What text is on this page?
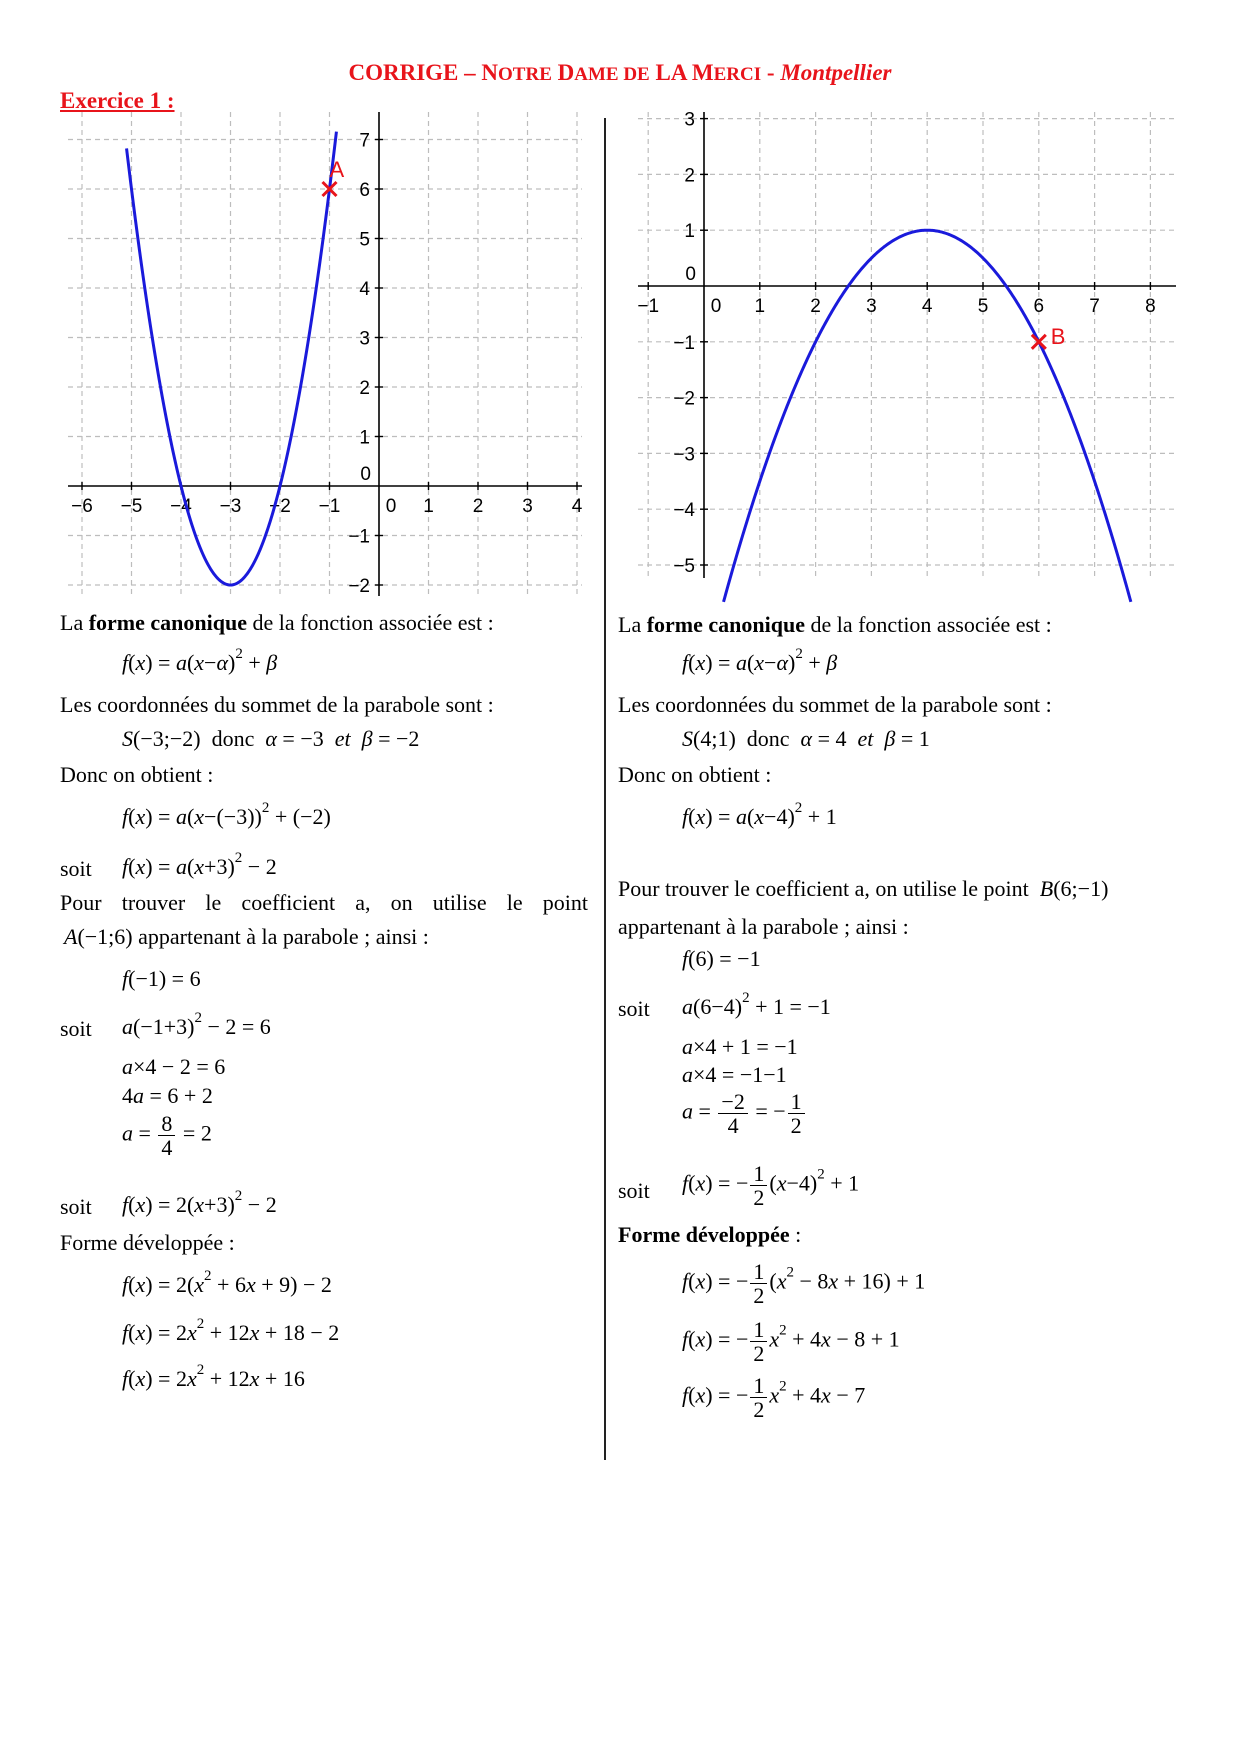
CORRIGE – NOTRE DAME DE LA MERCI - Montpellier
Exercice 1 :
−6 −5 −4 −3 −2 −1 0 1 2 3 4
−2
−1
1
2
3
4
5
6
7
0
A
−1	0 1 2 3 4 5 6 7 8
−5
−4
−3
−2
−1
1
2
3
0
B
La forme canonique de la fonction associée est :
$f(x) = a(x-\alpha)^2 + \beta$
Les coordonnées du sommet de la parabole sont :
S(−3;−2)  donc  α = −3  et β = −2
Donc on obtient :
$f(x) = a(x-(-3))^2 + (-2)$
soit $f(x) = a(x+3)^2 - 2$
Pour trouver le coefficient a, on utilise le point
A(−1;6) appartenant à la parabole ; ainsi :
f(−1) = 6
soit $a(-1+3)^2 - 2 = 6$
a×4 − 2 = 6
4a = 6 + 2
$a = \frac{8}{4} = 2$
soit $f(x) = 2(x+3)^2 - 2$
Forme développée :
$f(x) = 2(x^2 + 6x + 9) - 2$
$f(x) = 2x^2 + 12x + 18 - 2$
$f(x) = 2x^2 + 12x + 16$
La forme canonique de la fonction associée est :
$f(x) = a(x-\alpha)^2 + \beta$
Les coordonnées du sommet de la parabole sont :
S(4;1)  donc  α = 4  et β = 1
Donc on obtient :
$f(x) = a(x-4)^2 + 1$
Pour trouver le coefficient a, on utilise le point B(6;−1)
appartenant à la parabole ; ainsi :
f(6) = −1
soit $a(6-4)^2 + 1 = -1$
a×4 + 1 = −1
a×4 = −1−1
$a = \frac{-2}{4}$ = − $\frac{1}{2}$
soit f(x) = − $\frac{1}{2} (x-4)^2 + 1$
Forme développée :
f(x) = − $\frac{1}{2} (x^2 - 8x + 16) + 1$
f(x) = − $\frac{1}{2} x^2 + 4x - 8 + 1$
f(x) = − $\frac{1}{2} x^2 + 4x - 7$
